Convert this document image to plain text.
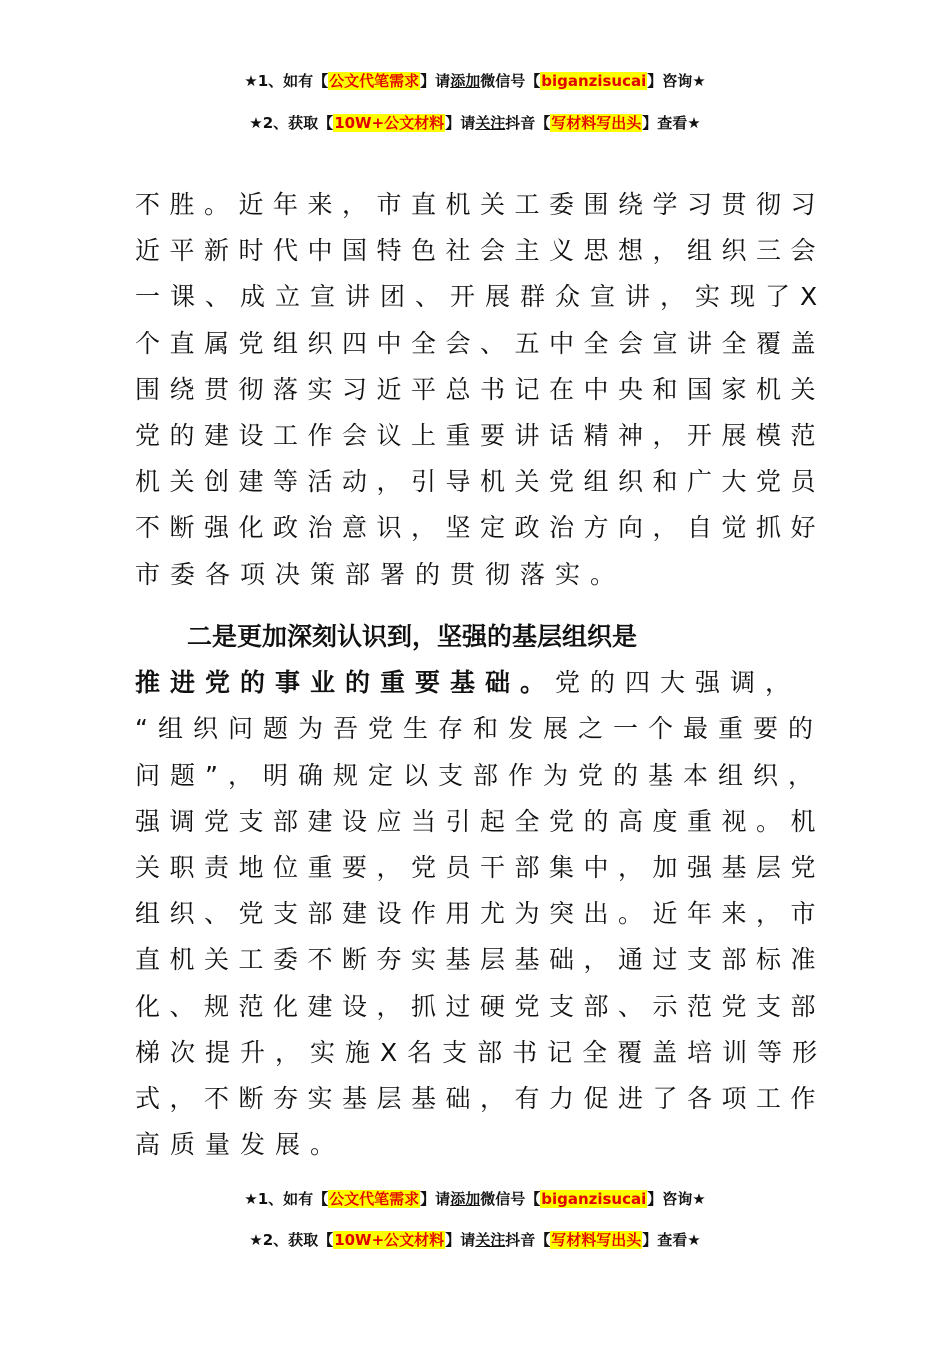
★1、如有【公文代笔需求】请添加微信号【biganzisucai】咨询★
★2、获取【10W+公文材料】请关注抖音【写材料写出头】查看★
不胜。近年来，市直机关工委围绕学习贯彻习
近平新时代中国特色社会主义思想，组织三会
一课、成立宣讲团、开展群众宣讲，实现了X
个直属党组织四中全会、五中全会宣讲全覆盖
围绕贯彻落实习近平总书记在中央和国家机关
党的建设工作会议上重要讲话精神，开展模范
机关创建等活动，引导机关党组织和广大党员
不断强化政治意识，坚定政治方向，自觉抓好
市委各项决策部署的贯彻落实。
二是更加深刻认识到，坚强的基层组织是
推进党的事业的重要基础。党的四大强调，
“组织问题为吾党生存和发展之一个最重要的
问题”，明确规定以支部作为党的基本组织，
强调党支部建设应当引起全党的高度重视。机
关职责地位重要，党员干部集中，加强基层党
组织、党支部建设作用尤为突出。近年来，市
直机关工委不断夯实基层基础，通过支部标准
化、规范化建设，抓过硬党支部、示范党支部
梯次提升，实施X名支部书记全覆盖培训等形
式，不断夯实基层基础，有力促进了各项工作
高质量发展。
★1、如有【公文代笔需求】请添加微信号【biganzisucai】咨询★
★2、获取【10W+公文材料】请关注抖音【写材料写出头】查看★
